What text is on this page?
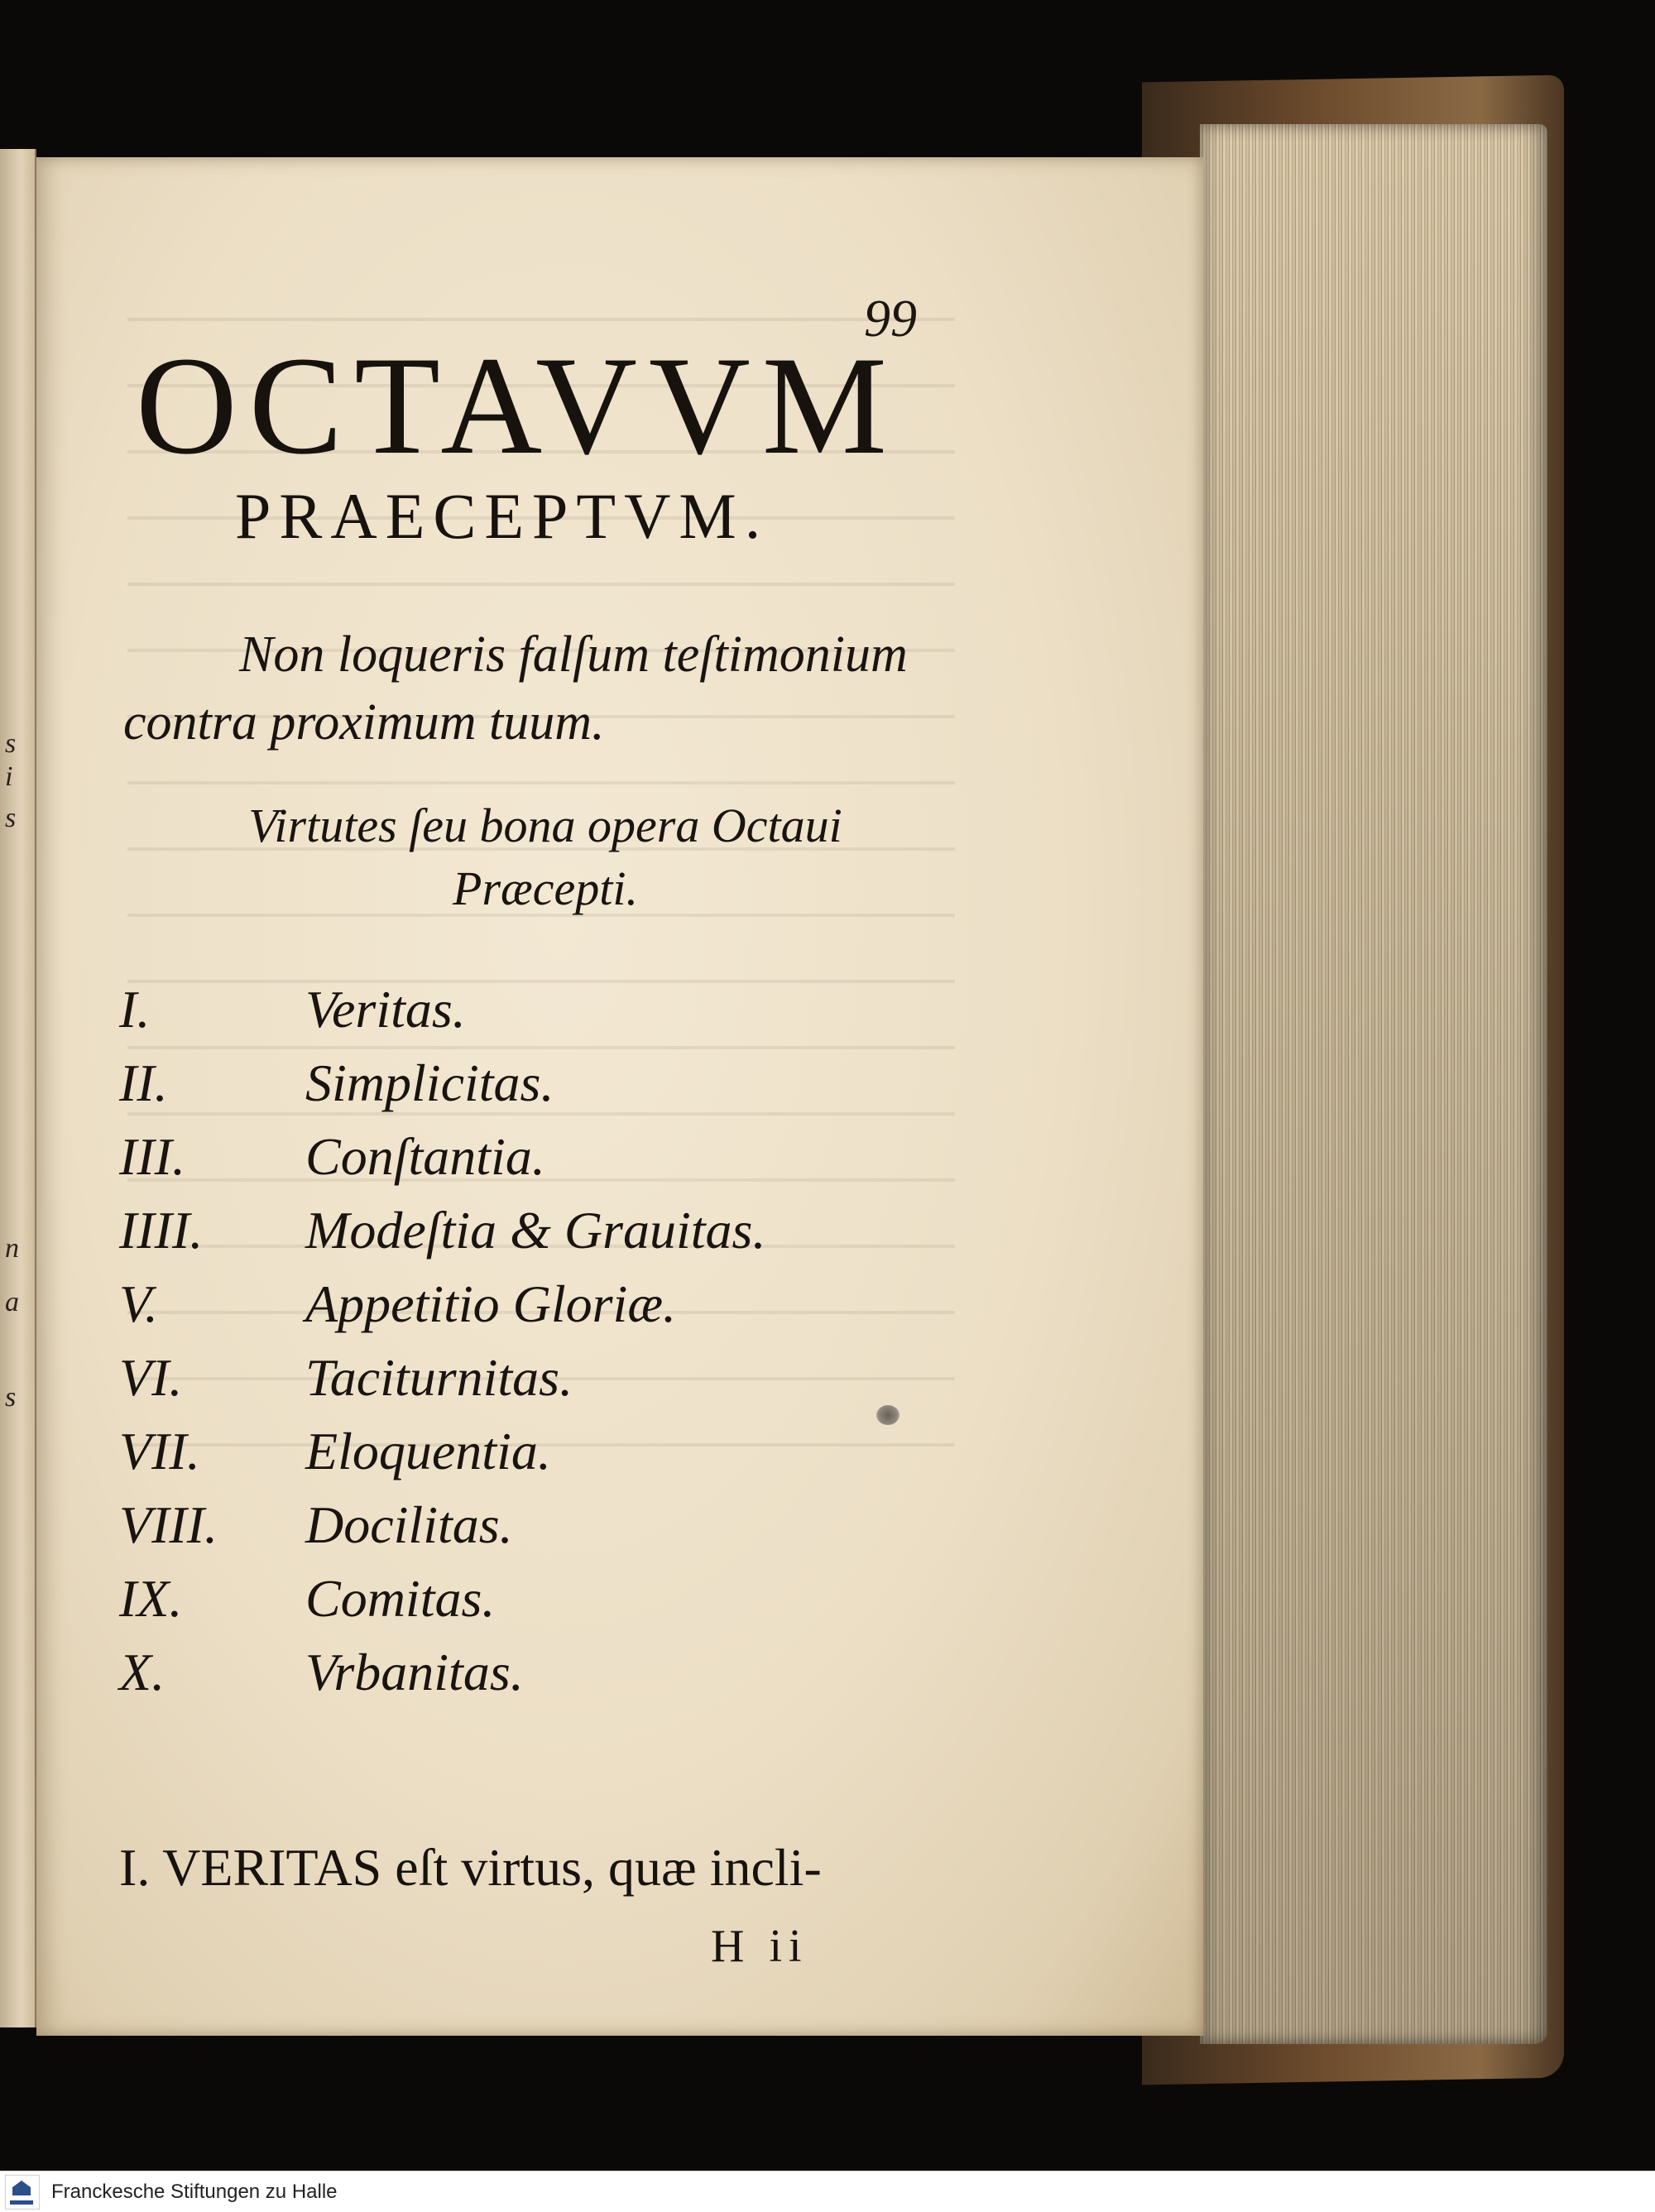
s
i
s
n
a
s
99
OCTAVVM
PRAECEPTVM.
Non loqueris falſum teſtimonium contra proximum tuum.
Virtutes ſeu bona opera Octaui Præcepti.
I.	Veritas.
II.	Simplicitas.
III.	Conſtantia.
IIII.	Modeſtia & Grauitas.
V.	Appetitio Gloriæ.
VI.	Taciturnitas.
VII.	Eloquentia.
VIII.	Docilitas.
IX.	Comitas.
X.	Vrbanitas.
I. VERITAS eſt virtus, quæ incli-
H ii
Franckesche Stiftungen zu Halle
